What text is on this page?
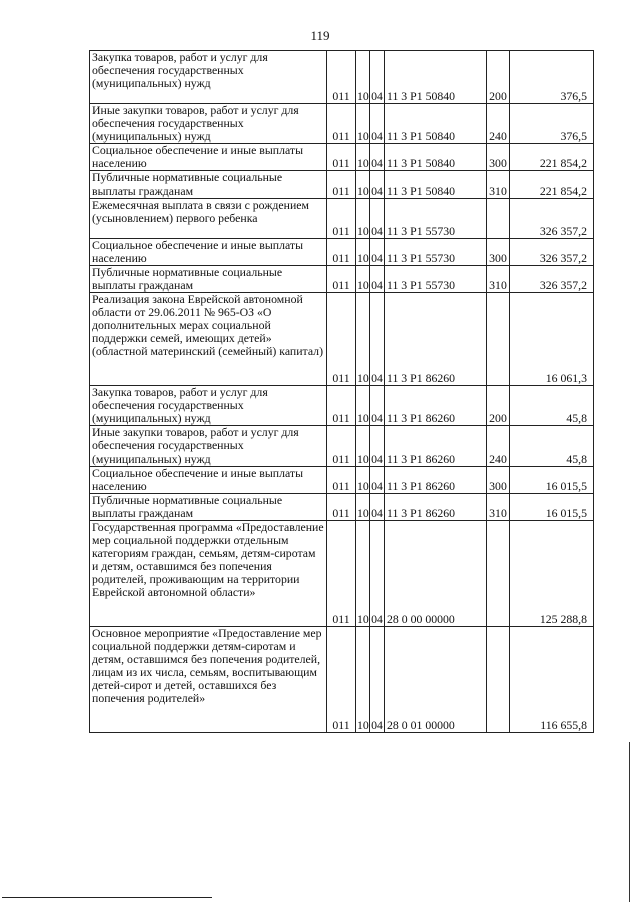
119
Закупка товаров, работ и услуг для обеспечения государственных (муниципальных) нужд	011	10	04	11 3 Р1 50840	200	376,5
Иные закупки товаров, работ и услуг для обеспечения государственных (муниципальных) нужд	011	10	04	11 3 Р1 50840	240	376,5
Социальное обеспечение и иные выплаты населению	011	10	04	11 3 Р1 50840	300	221 854,2
Публичные нормативные социальные выплаты гражданам	011	10	04	11 3 Р1 50840	310	221 854,2
Ежемесячная выплата в связи с рождением (усыновлением) первого ребенка	011	10	04	11 3 Р1 55730		326 357,2
Социальное обеспечение и иные выплаты населению	011	10	04	11 3 Р1 55730	300	326 357,2
Публичные нормативные социальные выплаты гражданам	011	10	04	11 3 Р1 55730	310	326 357,2
Реализация закона Еврейской автономной области от 29.06.2011 № 965-ОЗ «О дополнительных мерах социальной поддержки семей, имеющих детей» (областной материнский (семейный) капитал)	011	10	04	11 3 Р1 86260		16 061,3
Закупка товаров, работ и услуг для обеспечения государственных (муниципальных) нужд	011	10	04	11 3 Р1 86260	200	45,8
Иные закупки товаров, работ и услуг для обеспечения государственных (муниципальных) нужд	011	10	04	11 3 Р1 86260	240	45,8
Социальное обеспечение и иные выплаты населению	011	10	04	11 3 Р1 86260	300	16 015,5
Публичные нормативные социальные выплаты гражданам	011	10	04	11 3 Р1 86260	310	16 015,5
Государственная программа «Предоставление мер социальной поддержки отдельным категориям граждан, семьям, детям-сиротам и детям, оставшимся без попечения родителей, проживающим на территории Еврейской автономной области»	011	10	04	28 0 00 00000		125 288,8
Основное мероприятие «Предоставление мер социальной поддержки детям-сиротам и детям, оставшимся без попечения родителей, лицам из их числа, семьям, воспитывающим детей-сирот и детей, оставшихся без попечения родителей»	011	10	04	28 0 01 00000		116 655,8
